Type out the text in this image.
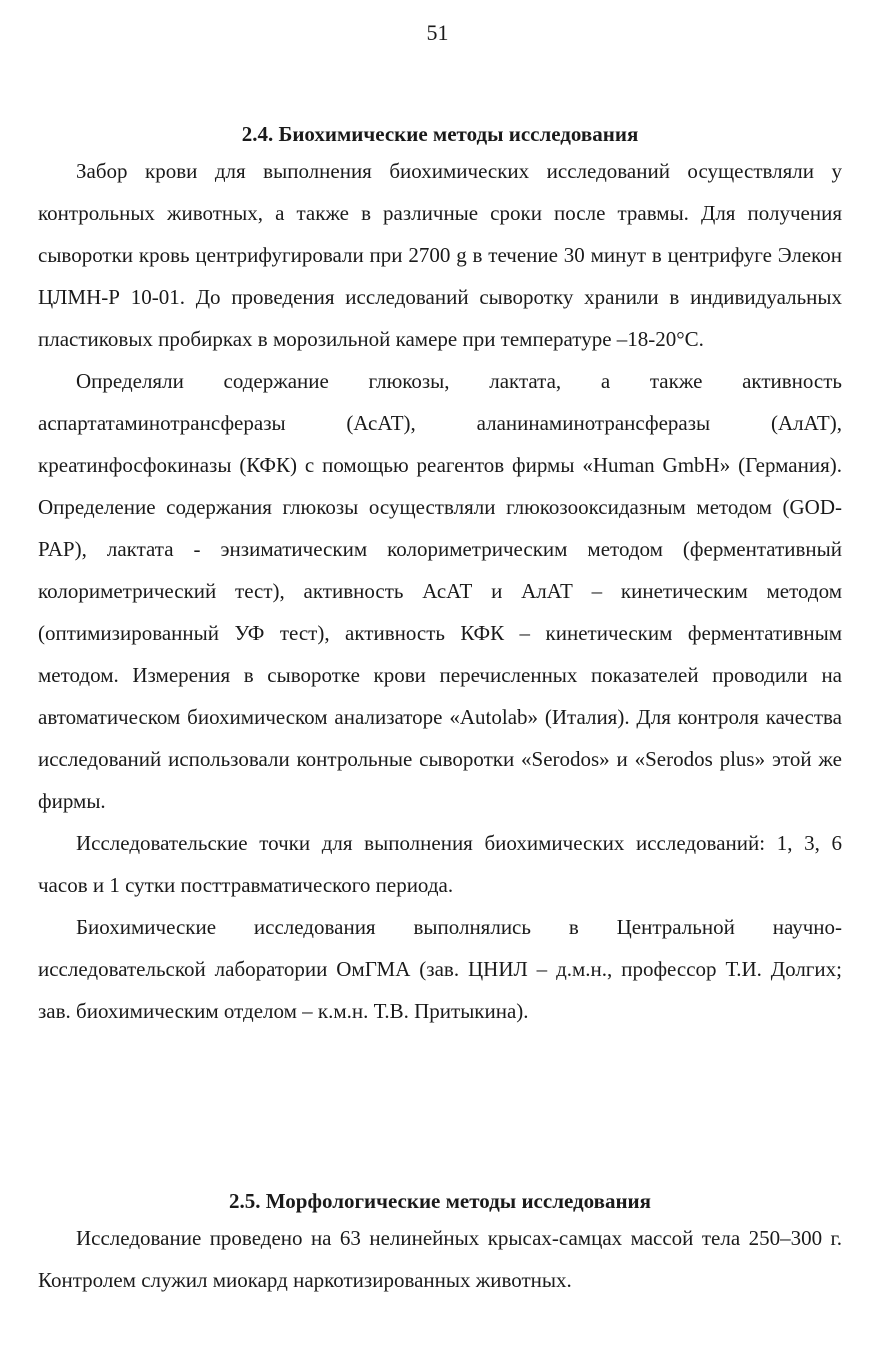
51
2.4. Биохимические методы исследования

Забор крови для выполнения биохимических исследований осуществляли у контрольных животных, а также в различные сроки после травмы. Для получения сыворотки кровь центрифугировали при 2700 g в течение 30 минут в центрифуге Элекон ЦЛМН-Р 10-01. До проведения исследований сыворотку хранили в индивидуальных пластиковых пробирках в морозильной камере при температуре –18-20°С.

Определяли содержание глюкозы, лактата, а также активность аспартатаминотрансферазы (АсАТ), аланинаминотрансферазы (АлАТ), креатинфосфокиназы (КФК) с помощью реагентов фирмы «Human GmbH» (Германия). Определение содержания глюкозы осуществляли глюкозооксидазным методом (GOD-PAP), лактата - энзиматическим колориметрическим методом (ферментативный колориметрический тест), активность АсАТ и АлАТ – кинетическим методом (оптимизированный УФ тест), активность КФК – кинетическим ферментативным методом. Измерения в сыворотке крови перечисленных показателей проводили на автоматическом биохимическом анализаторе «Autolab» (Италия). Для контроля качества исследований использовали контрольные сыворотки «Serodos» и «Serodos plus» этой же фирмы.

Исследовательские точки для выполнения биохимических исследований: 1, 3, 6 часов и 1 сутки посттравматического периода.

Биохимические исследования выполнялись в Центральной научно-исследовательской лаборатории ОмГМА (зав. ЦНИЛ – д.м.н., профессор Т.И. Долгих; зав. биохимическим отделом – к.м.н. Т.В. Притыкина).

2.5. Морфологические методы исследования

Исследование проведено на 63 нелинейных крысах-самцах массой тела 250–300 г. Контролем служил миокард наркотизированных животных.
